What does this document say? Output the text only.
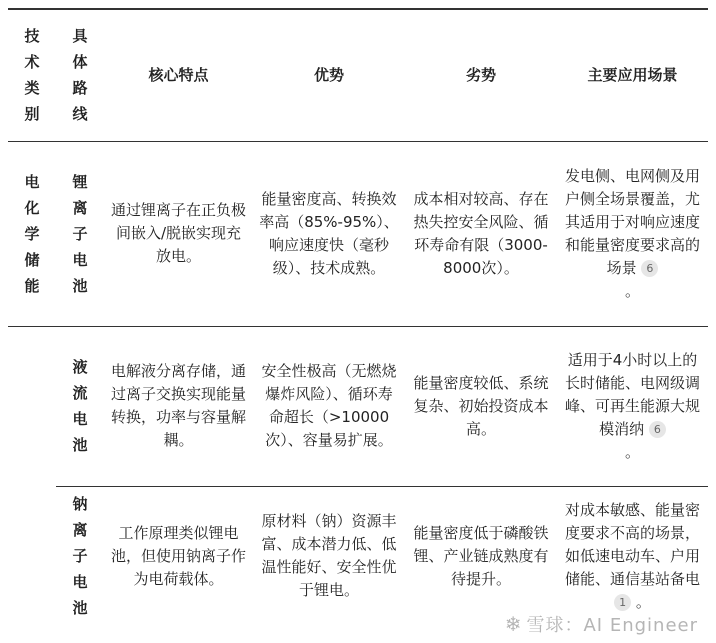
技术类别	具体路线	核心特点	优势	劣势	主要应用场景

电化学储能	锂离子电池	通过锂离子在正负极间嵌入/脱嵌实现充放电。	能量密度高、转换效率高（85%-95%）、响应速度快（毫秒级）、技术成熟。	成本相对较高、存在热失控安全风险、循环寿命有限（3000-8000次）。	发电侧、电网侧及用户侧全场景覆盖，尤其适用于对响应速度和能量密度要求高的场景 6
。

	液流电池	电解液分离存储，通过离子交换实现能量转换，功率与容量解耦。	安全性极高（无燃烧爆炸风险）、循环寿命超长（>10000次）、容量易扩展。	能量密度较低、系统复杂、初始投资成本高。	适用于4小时以上的长时储能、电网级调峰、可再生能源大规模消纳 6
。

	钠离子电池	工作原理类似锂电池，但使用钠离子作为电荷载体。	原材料（钠）资源丰富、成本潜力低、低温性能好、安全性优于锂电。	能量密度低于磷酸铁锂、产业链成熟度有待提升。	对成本敏感、能量密度要求不高的场景，如低速电动车、户用储能、通信基站备电 1 。
❄ 雪球：AI Engineer
